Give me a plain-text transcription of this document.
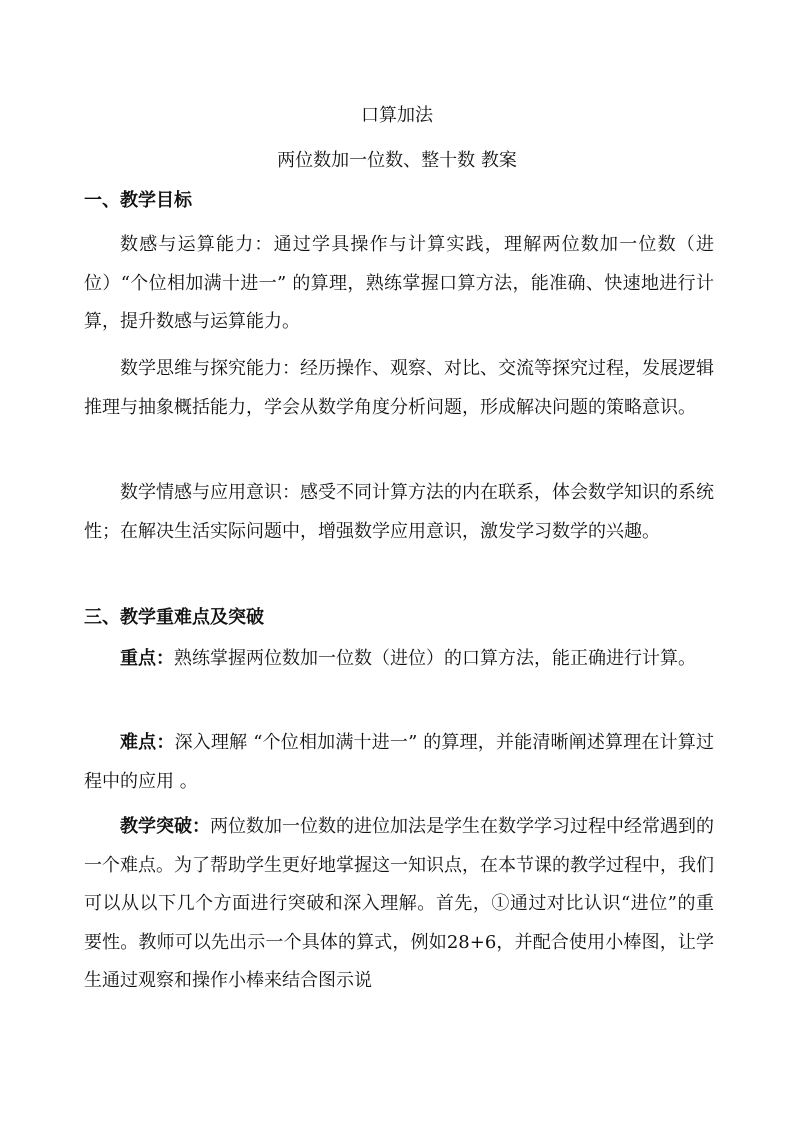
口算加法
两位数加一位数、整十数 教案
一、教学目标
数感与运算能力：通过学具操作与计算实践，理解两位数加一位数（进位）“个位相加满十进一” 的算理，熟练掌握口算方法，能准确、快速地进行计算，提升数感与运算能力。
数学思维与探究能力：经历操作、观察、对比、交流等探究过程，发展逻辑推理与抽象概括能力，学会从数学角度分析问题，形成解决问题的策略意识。
数学情感与应用意识：感受不同计算方法的内在联系，体会数学知识的系统性；在解决生活实际问题中，增强数学应用意识，激发学习数学的兴趣。
三、教学重难点及突破
重点：熟练掌握两位数加一位数（进位）的口算方法，能正确进行计算。
难点：深入理解 “个位相加满十进一” 的算理，并能清晰阐述算理在计算过程中的应用 。
教学突破：两位数加一位数的进位加法是学生在数学学习过程中经常遇到的一个难点。为了帮助学生更好地掌握这一知识点，在本节课的教学过程中，我们可以从以下几个方面进行突破和深入理解。首先，①通过对比认识“进位”的重要性。教师可以先出示一个具体的算式，例如28+6，并配合使用小棒图，让学生通过观察和操作小棒来结合图示说
